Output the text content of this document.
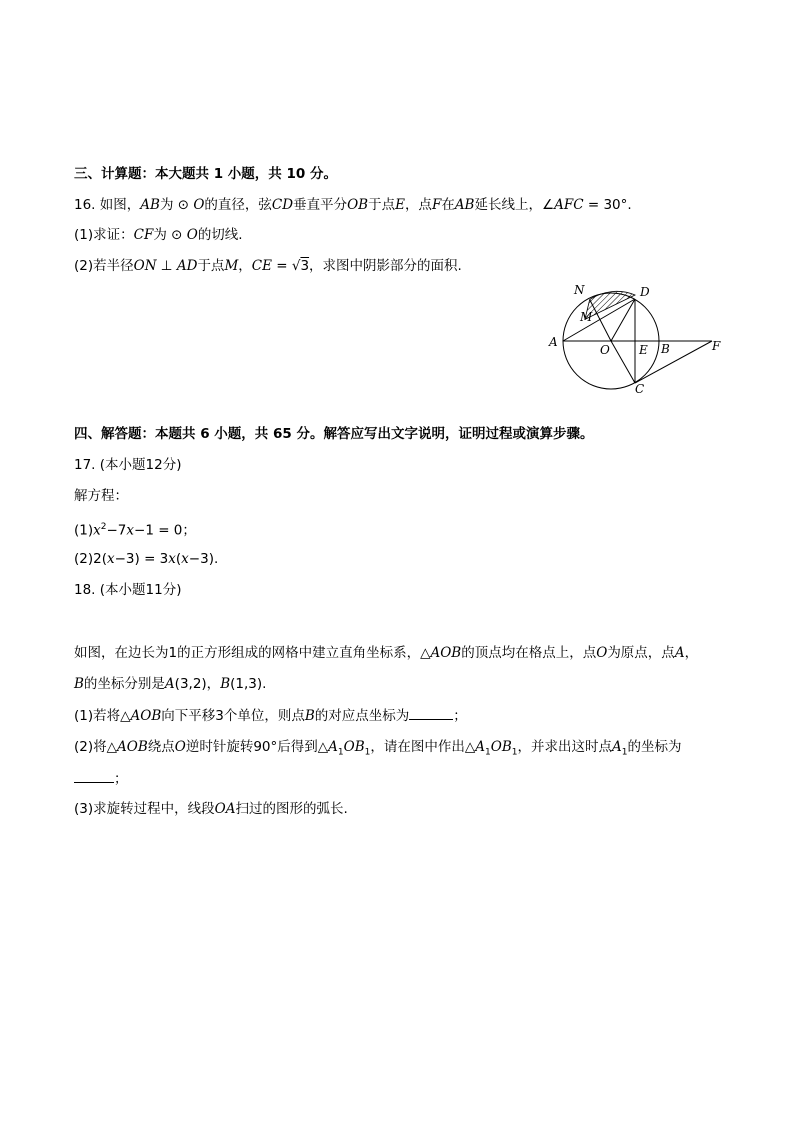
三、计算题：本大题共 1 小题，共 10 分。
16. 如图，AB为 ⊙ O的直径，弦CD垂直平分OB于点E，点F在AB延长线上，∠AFC = 30°.
(1)求证：CF为 ⊙ O的切线.
(2)若半径ON ⊥ AD于点M，CE = √3，求图中阴影部分的面积.
N	D
M
A
O E B	F
C
四、解答题：本题共 6 小题，共 65 分。解答应写出文字说明，证明过程或演算步骤。
17. (本小题12分)
解方程：
$(1)x^2-7x-1 = 0$；
(2)2(x−3) = 3x(x−3).
18. (本小题11分)
如图，在边长为1的正方形组成的网格中建立直角坐标系，△AOB的顶点均在格点上，点O为原点，点A，
B的坐标分别是A(3,2)，B(1,3).
(1)若将△AOB向下平移3个单位，则点B的对应点坐标为	；
(2)将△AOB绕点O逆时针旋转90°后得到$\triangle A_1OB_1$，请在图中作出$\triangle A_1OB_1$，并求出这时点$A_1$的坐标为
；
(3)求旋转过程中，线段OA扫过的图形的弧长.
